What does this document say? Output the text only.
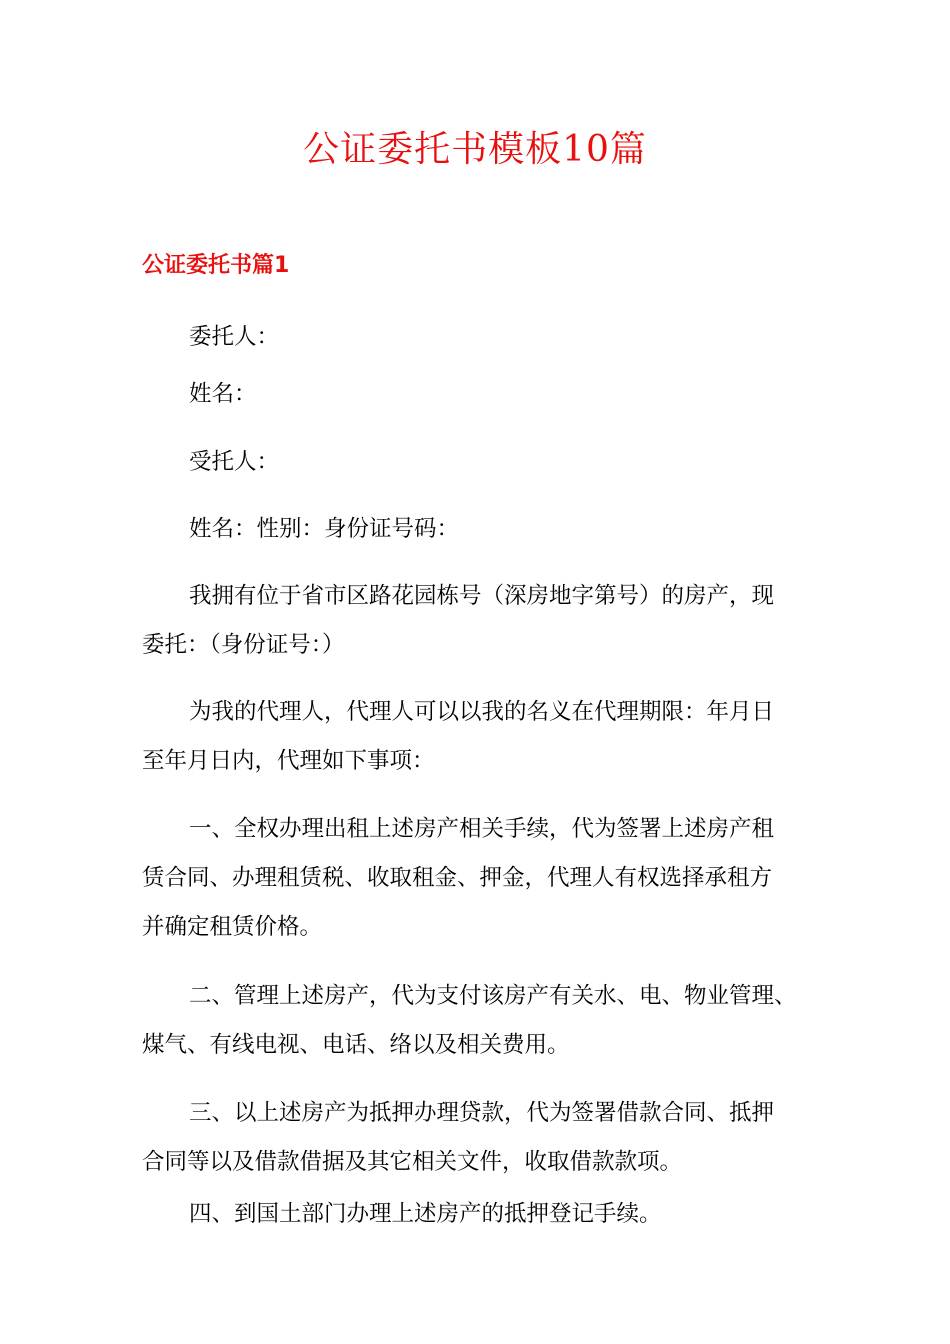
公证委托书模板10篇
公证委托书篇1

委托人：

姓名：

受托人：

姓名：性别：身份证号码：

我拥有位于省市区路花园栋号（深房地字第号）的房产，现
委托：（身份证号：）

为我的代理人，代理人可以以我的名义在代理期限：年月日
至年月日内，代理如下事项：

一、全权办理出租上述房产相关手续，代为签署上述房产租
赁合同、办理租赁税、收取租金、押金，代理人有权选择承租方
并确定租赁价格。

二、管理上述房产，代为支付该房产有关水、电、物业管理、
煤气、有线电视、电话、络以及相关费用。

三、以上述房产为抵押办理贷款，代为签署借款合同、抵押
合同等以及借款借据及其它相关文件，收取借款款项。

四、到国土部门办理上述房产的抵押登记手续。
